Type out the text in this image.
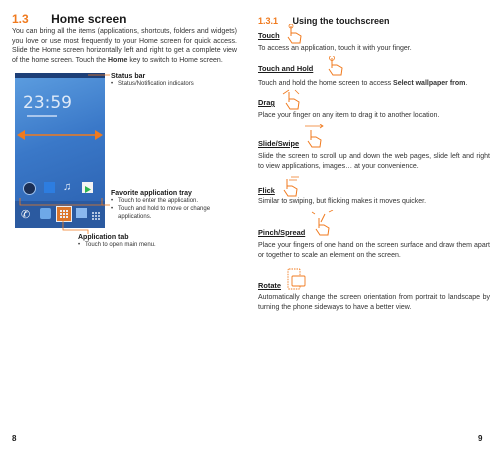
1.3 Home screen
You can bring all the items (applications, shortcuts, folders and widgets) you love or use most frequently to your Home screen for quick access. Slide the Home screen horizontally left and right to get a complete view of the home screen. Touch the Home key to switch to Home screen.
23:59
♫
✆
Status bar
• Status/Notification indicators
Favorite application tray
• Touch to enter the application.
• Touch and hold to move or change applications.
Application tab
• Touch to open main menu.
8
1.3.1 Using the touchscreen
Touch
To access an application, touch it with your finger.
Touch and Hold
Touch and hold the home screen to access Select wallpaper from.
Drag
Place your finger on any item to drag it to another location.
Slide/Swipe
Slide the screen to scroll up and down the web pages, slide left and right to view applications, images… at your convenience.
Flick
Similar to swiping, but flicking makes it moves quicker.
Pinch/Spread
Place your fingers of one hand on the screen surface and draw them apart or together to scale an element on the screen.
Rotate
Automatically change the screen orientation from portrait to landscape by turning the phone sideways to have a better view.
9
